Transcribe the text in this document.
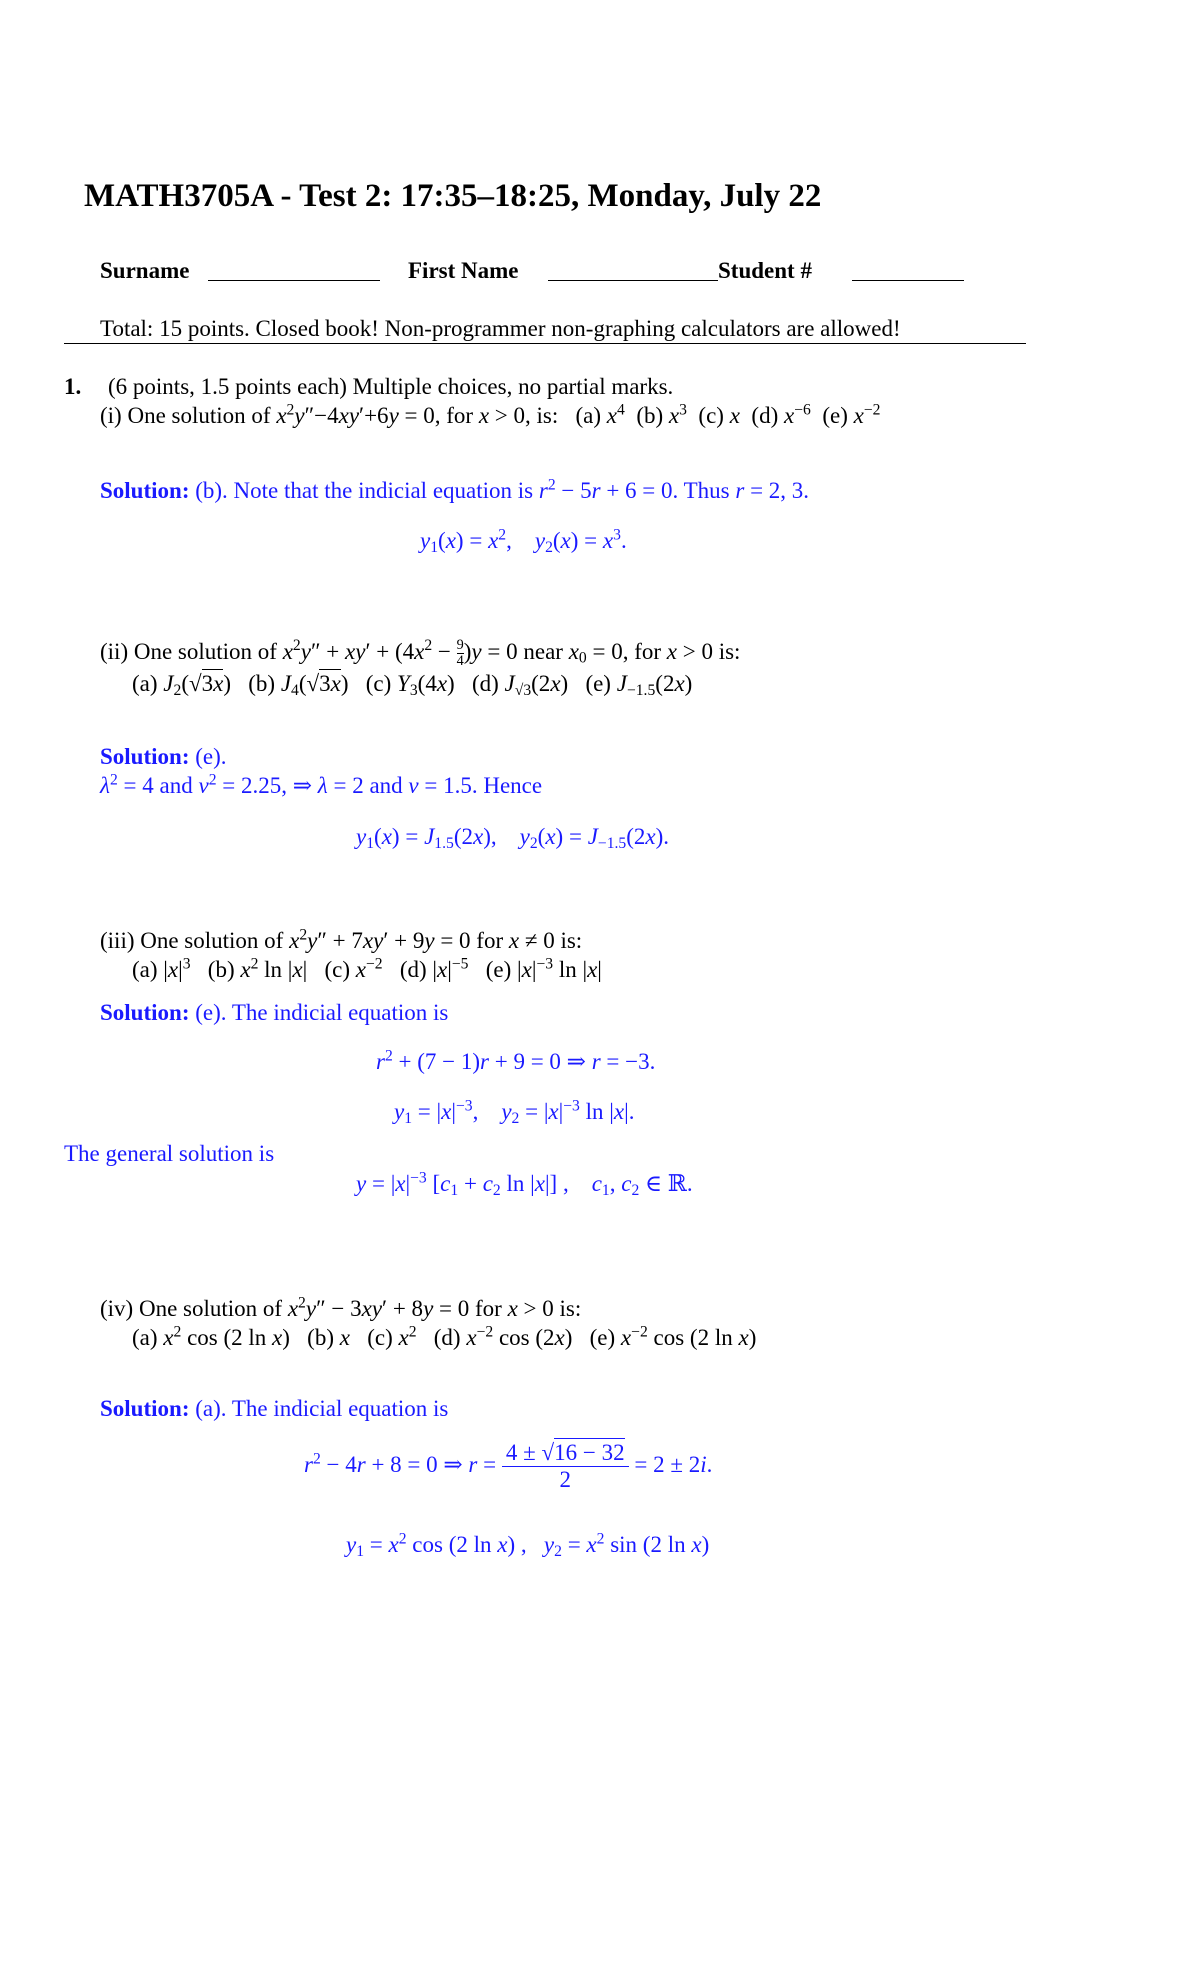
MATH3705A - Test 2: 17:35–18:25, Monday, July 22
Surname	First Name	Student #
Total: 15 points. Closed book! Non-programmer non-graphing calculators are allowed!
1. (6 points, 1.5 points each) Multiple choices, no partial marks.
(i) One solution of $x^2y''-4xy'+6y = 0$, for x > 0, is:   (a) $x^4$  (b) $x^3$  (c) x  (d) $x^{-6}$  (e) $x^{-2}$
Solution: (b). Note that the indicial equation is $r^2 - 5r + 6 = 0$. Thus r = 2, 3.
$y_1(x) = x^2$,    $y_2(x) = x^3$.
(ii) One solution of $x^2y'' + xy' + (4x^2 - \frac{9}{4} )y = 0$ near $x_0 = 0$, for x > 0 is:
(a) $J_2(√3x)$   (b) $J_4(√3x)$   (c) $Y_3(4x)$   (d) $J_{√3}(2x)$   (e) $J_{-1.5}(2x)$
Solution: (e).
$\lambda^2 = 4$ and $\nu^2 = 2.25$, ⇒ λ = 2 and ν = 1.5. Hence
$y_1(x) = J_{1.5}(2x)$,    $y_2(x) = J_{-1.5}(2x)$.
(iii) One solution of $x^2y'' + 7xy' + 9y = 0$ for x ≠ 0 is:
(a) $|x|^3$   (b) $x^2$ ln |x|   (c) $x^{-2}$   (d) $|x|^{-5}$   (e) $|x|^{-3}$ ln |x|
Solution: (e). The indicial equation is
$r^2 + (7 - 1)r + 9 = 0$ ⇒ r = −3.
$y_1 = |x|^{-3}$,    $y_2 = |x|^{-3}$ ln |x|.
The general solution is
$y = |x|^{-3}$ [$c_1 + c_2$ ln |x|] ,    $c_1$, $c_2$ ∈ ℝ.
(iv) One solution of $x^2y'' - 3xy' + 8y = 0$ for x > 0 is:
(a) $x^2$ cos (2 ln x)   (b) x   (c) $x^2$   (d) $x^{-2}$ cos (2x)   (e) $x^{-2}$ cos (2 ln x)
Solution: (a). The indicial equation is
$r^2 - 4r + 8 = 0$ ⇒ $r = \frac{4 \pm √16 - 32}{2} = 2 \pm 2i$.
$y_1 = x^2$ cos (2 ln x) ,   $y_2 = x^2$ sin (2 ln x)
